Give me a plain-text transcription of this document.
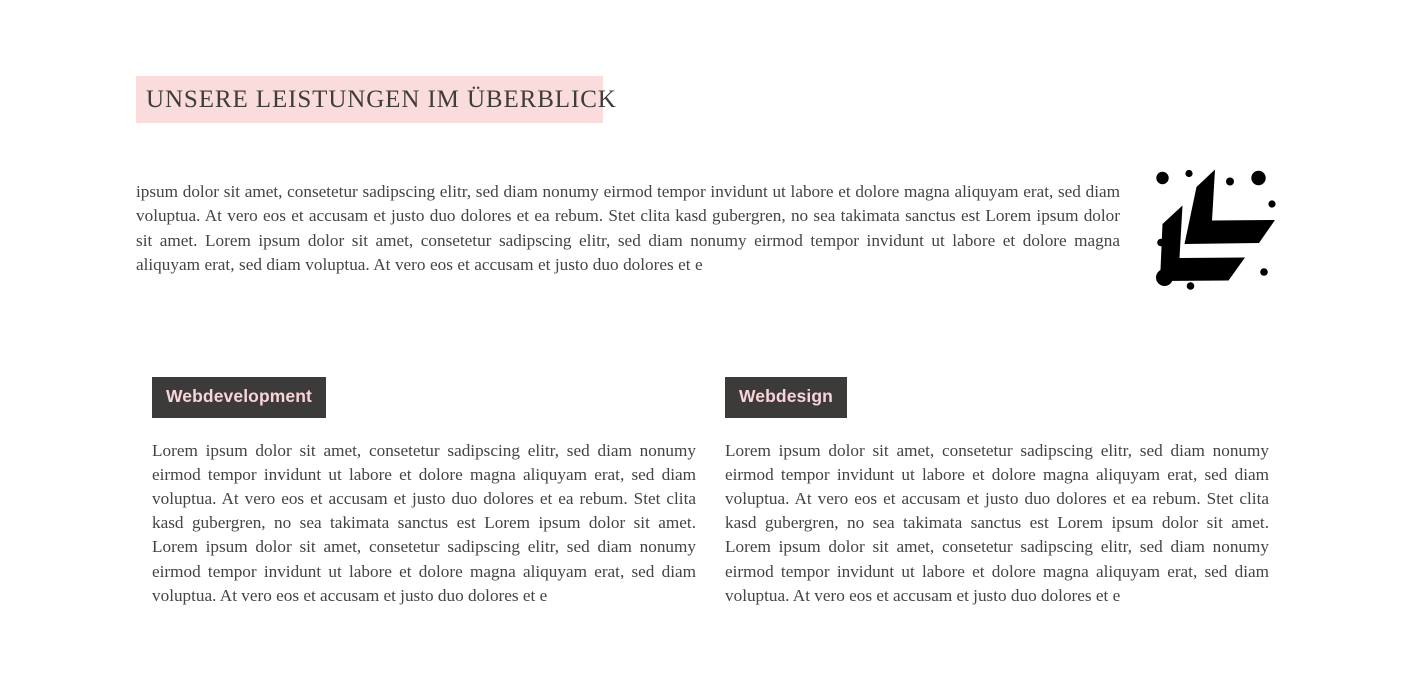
UNSERE LEISTUNGEN IM ÜBERBLICK

ipsum dolor sit amet, consetetur sadipscing elitr, sed diam nonumy eirmod tempor invidunt ut labore et dolore magna aliquyam erat, sed diam voluptua. At vero eos et accusam et justo duo dolores et ea rebum. Stet clita kasd gubergren, no sea takimata sanctus est Lorem ipsum dolor sit amet. Lorem ipsum dolor sit amet, consetetur sadipscing elitr, sed diam nonumy eirmod tempor invidunt ut labore et dolore magna aliquyam erat, sed diam voluptua. At vero eos et accusam et justo duo dolores et e

Webdevelopment

Lorem ipsum dolor sit amet, consetetur sadipscing elitr, sed diam nonumy eirmod tempor invidunt ut labore et dolore magna aliquyam erat, sed diam voluptua. At vero eos et accusam et justo duo dolores et ea rebum. Stet clita kasd gubergren, no sea takimata sanctus est Lorem ipsum dolor sit amet. Lorem ipsum dolor sit amet, consetetur sadipscing elitr, sed diam nonumy eirmod tempor invidunt ut labore et dolore magna aliquyam erat, sed diam voluptua. At vero eos et accusam et justo duo dolores et e

Webdesign

Lorem ipsum dolor sit amet, consetetur sadipscing elitr, sed diam nonumy eirmod tempor invidunt ut labore et dolore magna aliquyam erat, sed diam voluptua. At vero eos et accusam et justo duo dolores et ea rebum. Stet clita kasd gubergren, no sea takimata sanctus est Lorem ipsum dolor sit amet. Lorem ipsum dolor sit amet, consetetur sadipscing elitr, sed diam nonumy eirmod tempor invidunt ut labore et dolore magna aliquyam erat, sed diam voluptua. At vero eos et accusam et justo duo dolores et e
